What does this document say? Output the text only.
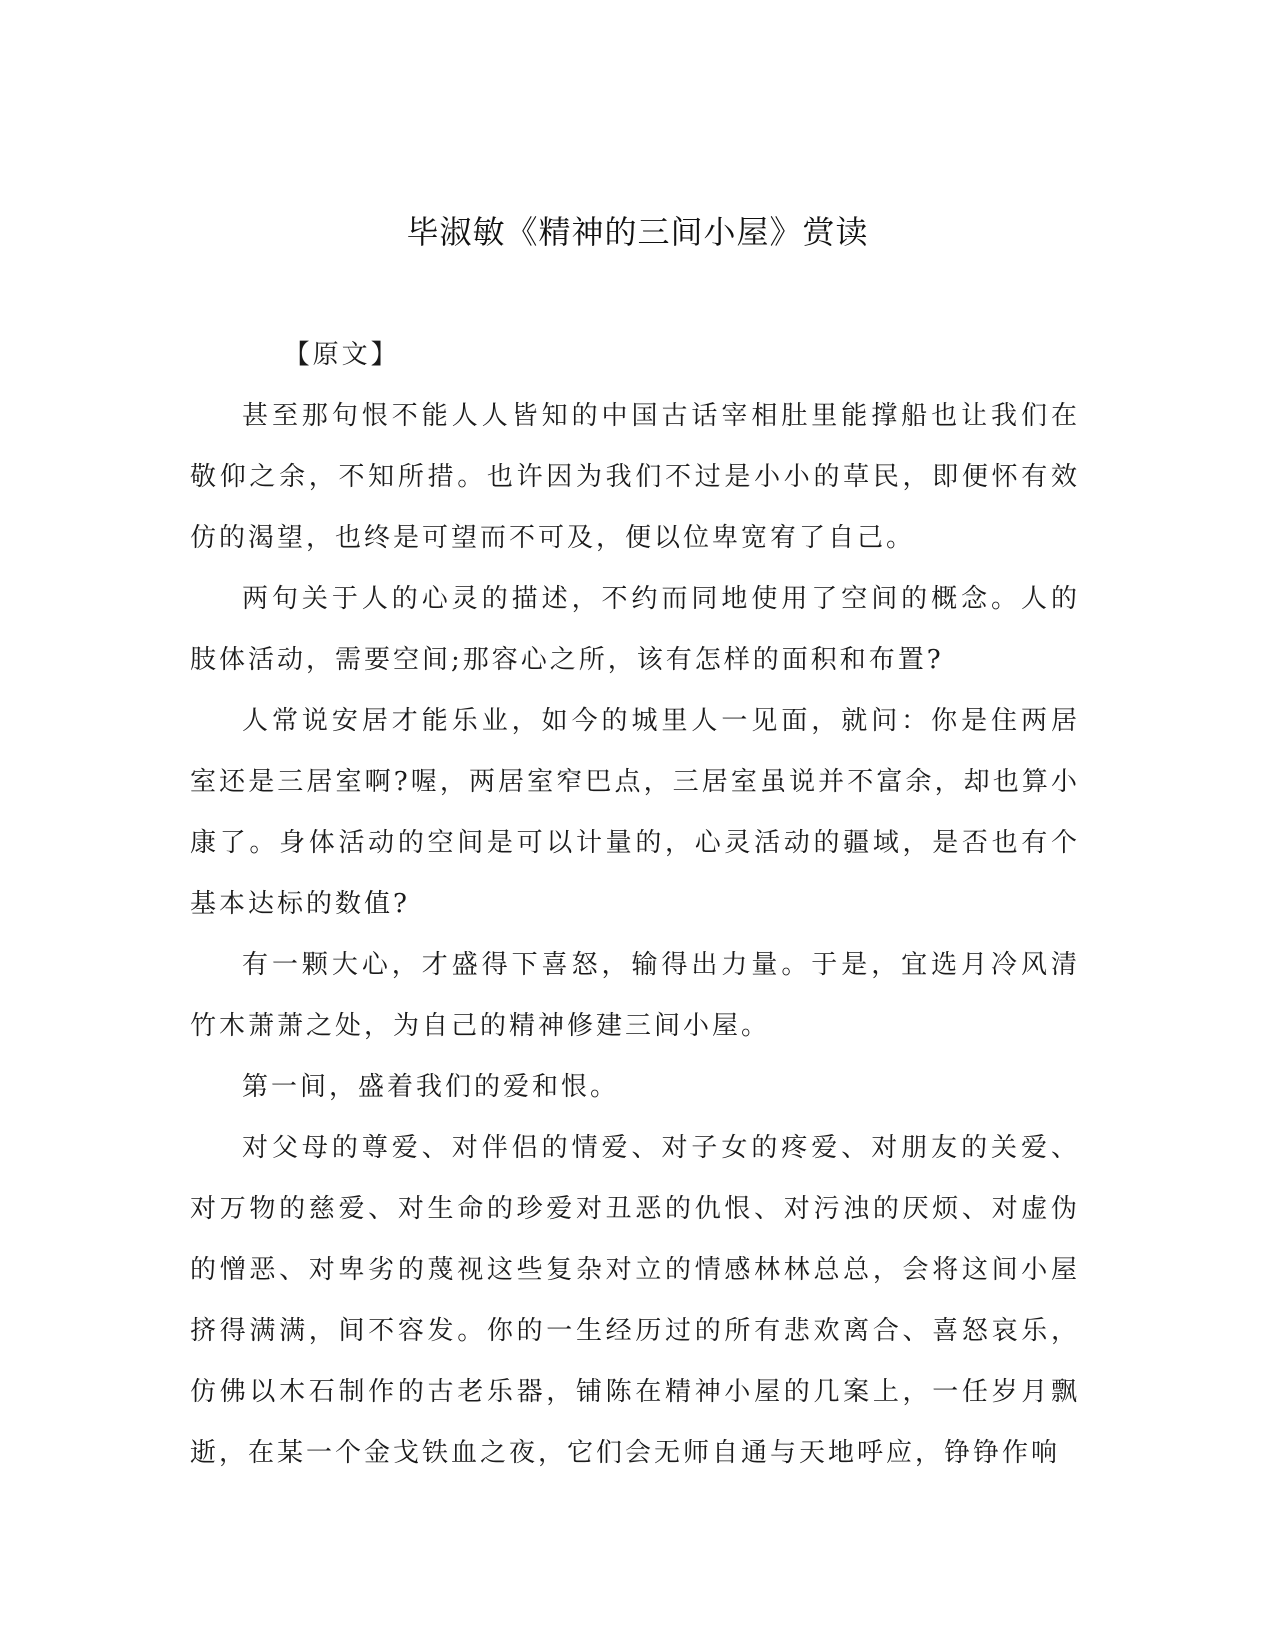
毕淑敏《精神的三间小屋》赏读

【原文】

甚至那句恨不能人人皆知的中国古话宰相肚里能撑船也让我们在敬仰之余，不知所措。也许因为我们不过是小小的草民，即便怀有效仿的渴望，也终是可望而不可及，便以位卑宽宥了自己。

两句关于人的心灵的描述，不约而同地使用了空间的概念。人的肢体活动，需要空间;那容心之所，该有怎样的面积和布置?

人常说安居才能乐业，如今的城里人一见面，就问：你是住两居室还是三居室啊?喔，两居室窄巴点，三居室虽说并不富余，却也算小康了。身体活动的空间是可以计量的，心灵活动的疆域，是否也有个基本达标的数值?

有一颗大心，才盛得下喜怒，输得出力量。于是，宜选月冷风清竹木萧萧之处，为自己的精神修建三间小屋。

第一间，盛着我们的爱和恨。

对父母的尊爱、对伴侣的情爱、对子女的疼爱、对朋友的关爱、对万物的慈爱、对生命的珍爱对丑恶的仇恨、对污浊的厌烦、对虚伪的憎恶、对卑劣的蔑视这些复杂对立的情感林林总总，会将这间小屋挤得满满，间不容发。你的一生经历过的所有悲欢离合、喜怒哀乐，仿佛以木石制作的古老乐器，铺陈在精神小屋的几案上，一任岁月飘逝，在某一个金戈铁血之夜，它们会无师自通与天地呼应，铮铮作响
